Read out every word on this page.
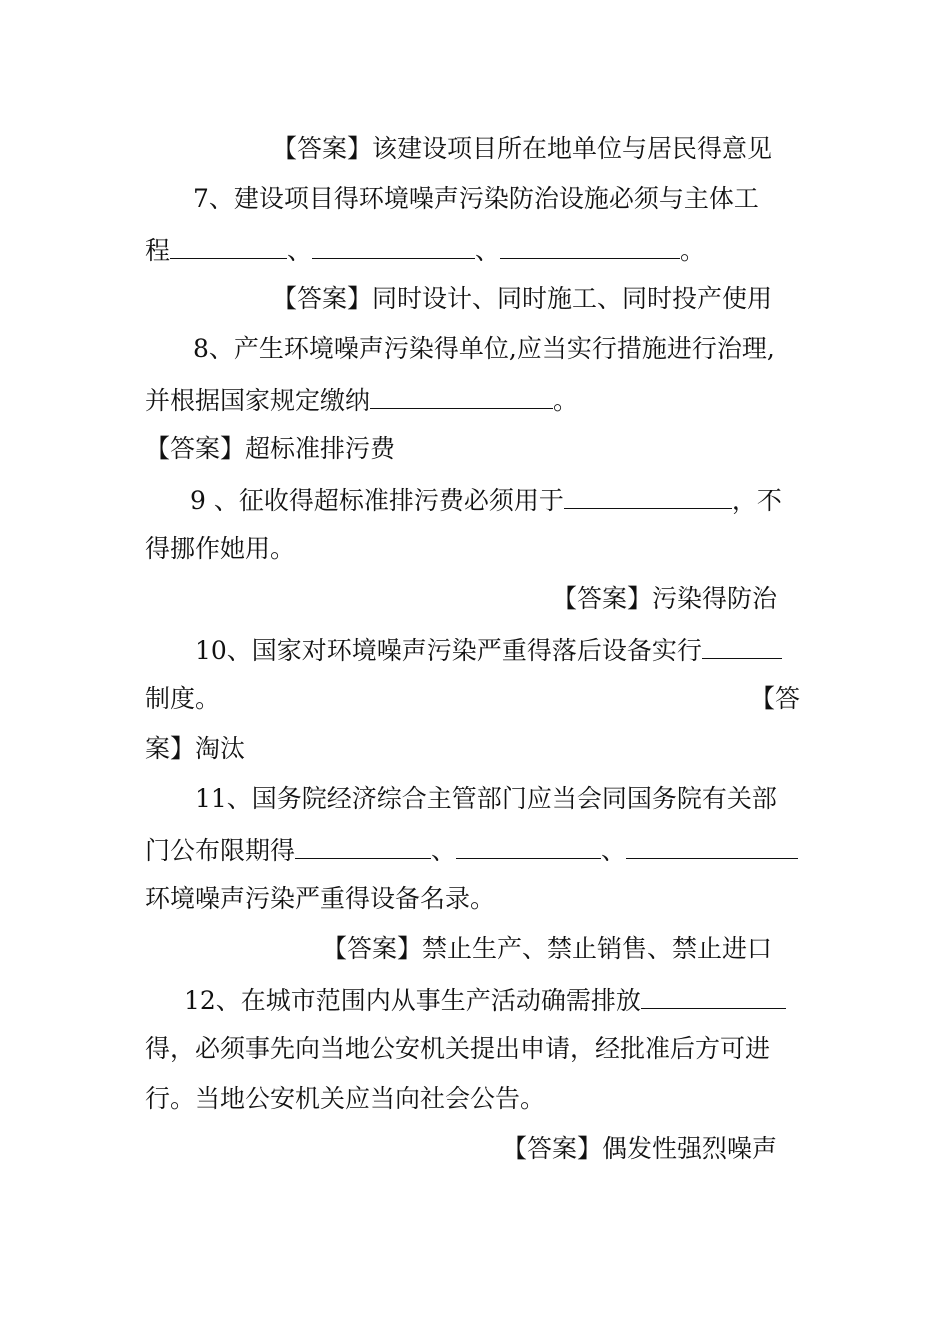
【答案】该建设项目所在地单位与居民得意见
7、建设项目得环境噪声污染防治设施必须与主体工
程	、	、	。
【答案】同时设计、同时施工、同时投产使用
8、产生环境噪声污染得单位,应当实行措施进行治理,
并根据国家规定缴纳	。
【答案】超标准排污费
9 、征收得超标准排污费必须用于	，不
得挪作她用。
【答案】污染得防治
10、国家对环境噪声污染严重得落后设备实行
制度。	【答
案】淘汰
11、国务院经济综合主管部门应当会同国务院有关部
门公布限期得	、	、
环境噪声污染严重得设备名录。
【答案】禁止生产、禁止销售、禁止进口
12、在城市范围内从事生产活动确需排放
得，必须事先向当地公安机关提出申请，经批准后方可进
行。当地公安机关应当向社会公告。
【答案】偶发性强烈噪声
